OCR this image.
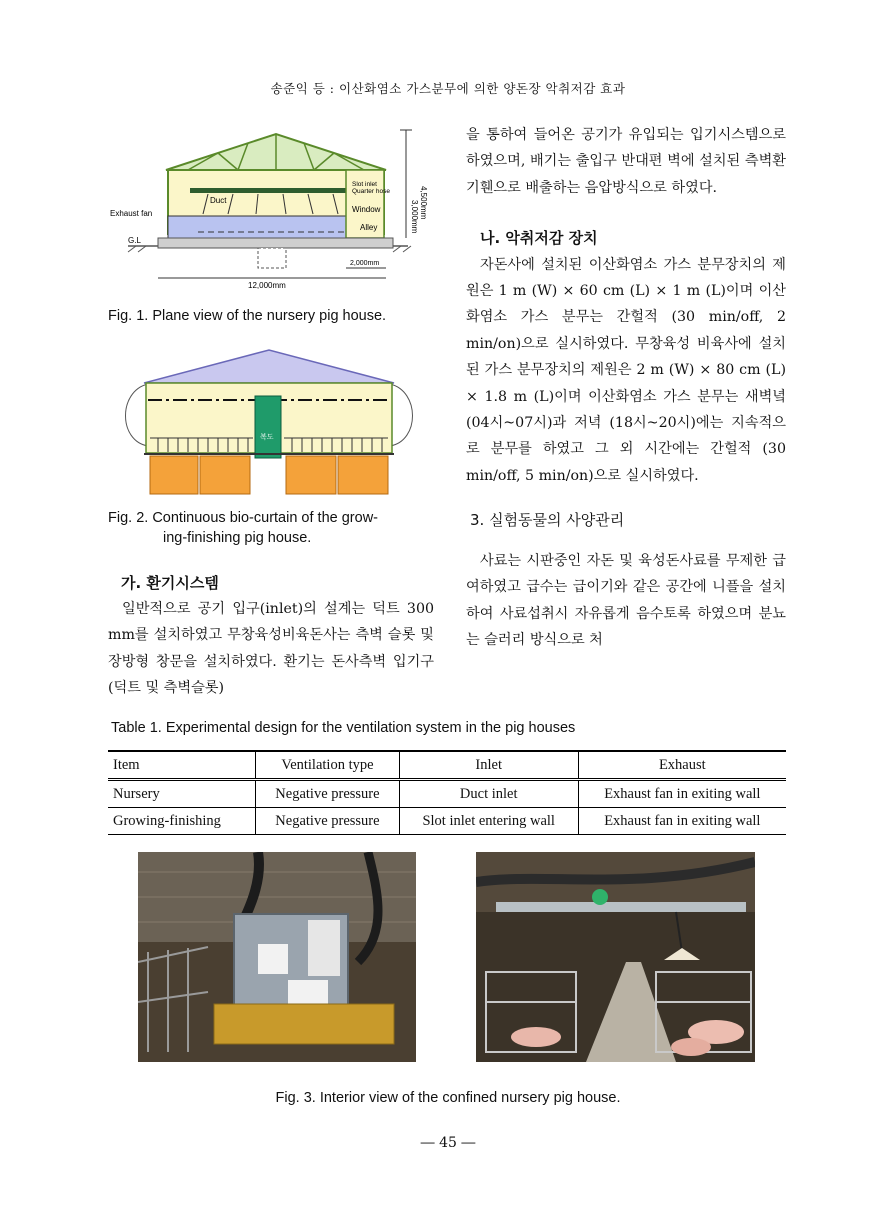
송준익 등 : 이산화염소 가스분무에 의한 양돈장 악취저감 효과
Exhaust fan
Duct
Slot inlet
Quarter hose
Window
Alley
G.L
4,500mm
3,000mm
12,000mm
2,000mm
Fig. 1. Plane view of the nursery pig house.
복도
Fig. 2. Continuous bio-curtain of the grow-
ing-finishing pig house.
가. 환기시스템

일반적으로 공기 입구(inlet)의 설계는 덕트 300 mm를 설치하였고 무창육성비육돈사는 측벽 슬롯 및 장방형 창문을 설치하였다. 환기는 돈사측벽 입기구(덕트 및 측벽슬롯)

을 통하여 들어온 공기가 유입되는 입기시스템으로 하였으며, 배기는 출입구 반대편 벽에 설치된 측벽환기휀으로 배출하는 음압방식으로 하였다.

나. 악취저감 장치

자돈사에 설치된 이산화염소 가스 분무장치의 제원은 1 m (W) × 60 cm (L) × 1 m (L)이며 이산화염소 가스 분무는 간헐적 (30 min/off, 2 min/on)으로 실시하였다. 무창육성 비육사에 설치된 가스 분무장치의 제원은 2 m (W) × 80 cm (L) × 1.8 m (L)이며 이산화염소 가스 분무는 새벽녘 (04시~07시)과 저녁 (18시~20시)에는 지속적으로 분무를 하였고 그 외 시간에는 간헐적 (30 min/off, 5 min/on)으로 실시하였다.

3. 실험동물의 사양관리

사료는 시판중인 자돈 및 육성돈사료를 무제한 급여하였고 급수는 급이기와 같은 공간에 니플을 설치하여 사료섭취시 자유롭게 음수토록 하였으며 분뇨는 슬러리 방식으로 처

Table 1. Experimental design for the ventilation system in the pig houses
Item	Ventilation type	Inlet	Exhaust
Nursery	Negative pressure	Duct inlet	Exhaust fan in exiting wall
Growing-finishing	Negative pressure	Slot inlet entering wall	Exhaust fan in exiting wall
Fig. 3. Interior view of the confined nursery pig house.
― 45 ―
